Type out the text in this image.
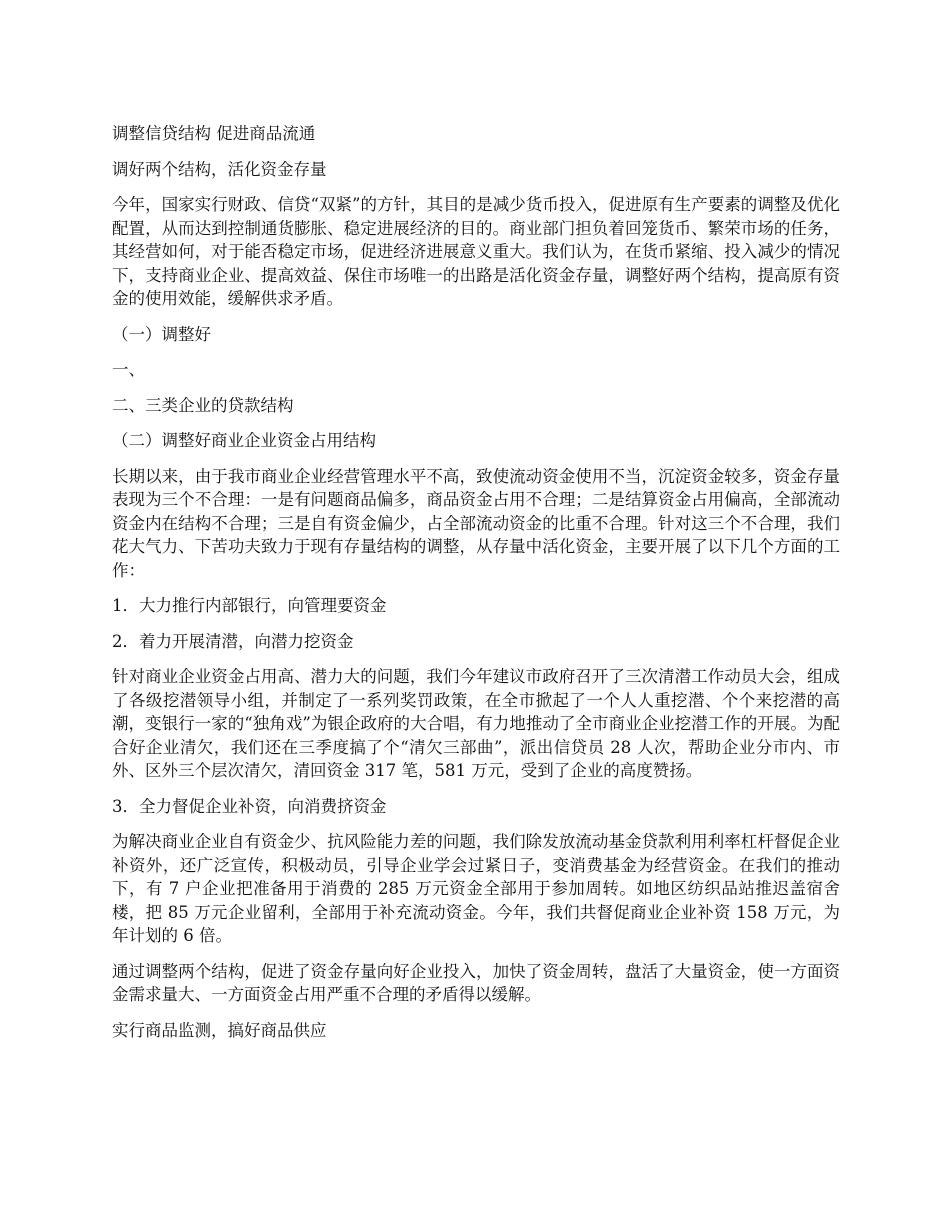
调整信贷结构 促进商品流通
调好两个结构，活化资金存量
今年，国家实行财政、信贷“双紧”的方针，其目的是减少货币投入，促进原有生产要素的调整及优化配置，从而达到控制通货膨胀、稳定进展经济的目的。商业部门担负着回笼货币、繁荣市场的任务，其经营如何，对于能否稳定市场，促进经济进展意义重大。我们认为，在货币紧缩、投入减少的情况下，支持商业企业、提高效益、保住市场唯一的出路是活化资金存量，调整好两个结构，提高原有资金的使用效能，缓解供求矛盾。
（一）调整好
一、
二、三类企业的贷款结构
（二）调整好商业企业资金占用结构
长期以来，由于我市商业企业经营管理水平不高，致使流动资金使用不当，沉淀资金较多，资金存量表现为三个不合理：一是有问题商品偏多，商品资金占用不合理；二是结算资金占用偏高，全部流动资金内在结构不合理；三是自有资金偏少，占全部流动资金的比重不合理。针对这三个不合理，我们花大气力、下苦功夫致力于现有存量结构的调整，从存量中活化资金，主要开展了以下几个方面的工作：
1．大力推行内部银行，向管理要资金
2．着力开展清潜，向潜力挖资金
针对商业企业资金占用高、潜力大的问题，我们今年建议市政府召开了三次清潜工作动员大会，组成了各级挖潜领导小组，并制定了一系列奖罚政策，在全市掀起了一个人人重挖潜、个个来挖潜的高潮，变银行一家的“独角戏”为银企政府的大合唱，有力地推动了全市商业企业挖潜工作的开展。为配合好企业清欠，我们还在三季度搞了个“清欠三部曲”，派出信贷员 28 人次，帮助企业分市内、市外、区外三个层次清欠，清回资金 317 笔，581 万元，受到了企业的高度赞扬。
3．全力督促企业补资，向消费挤资金
为解决商业企业自有资金少、抗风险能力差的问题，我们除发放流动基金贷款利用利率杠杆督促企业补资外，还广泛宣传，积极动员，引导企业学会过紧日子，变消费基金为经营资金。在我们的推动下，有 7 户企业把准备用于消费的 285 万元资金全部用于参加周转。如地区纺织品站推迟盖宿舍楼，把 85 万元企业留利，全部用于补充流动资金。今年，我们共督促商业企业补资 158 万元，为年计划的 6 倍。
通过调整两个结构，促进了资金存量向好企业投入，加快了资金周转，盘活了大量资金，使一方面资金需求量大、一方面资金占用严重不合理的矛盾得以缓解。
实行商品监测，搞好商品供应
